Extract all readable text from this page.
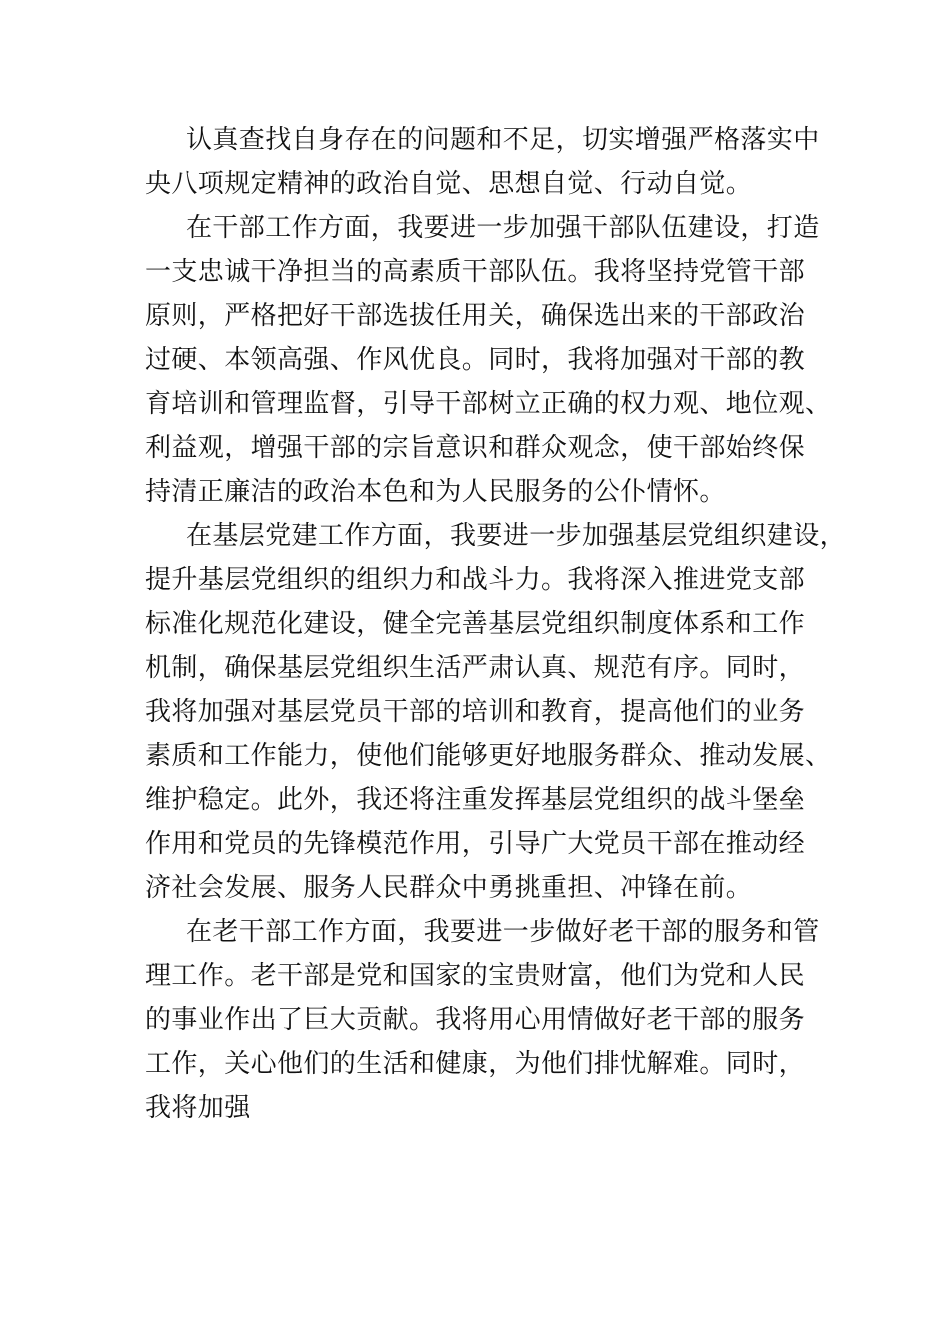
认真查找自身存在的问题和不足，切实增强严格落实中
央八项规定精神的政治自觉、思想自觉、行动自觉。
在干部工作方面，我要进一步加强干部队伍建设，打造
一支忠诚干净担当的高素质干部队伍。我将坚持党管干部
原则，严格把好干部选拔任用关，确保选出来的干部政治
过硬、本领高强、作风优良。同时，我将加强对干部的教
育培训和管理监督，引导干部树立正确的权力观、地位观、
利益观，增强干部的宗旨意识和群众观念，使干部始终保
持清正廉洁的政治本色和为人民服务的公仆情怀。
在基层党建工作方面，我要进一步加强基层党组织建设，
提升基层党组织的组织力和战斗力。我将深入推进党支部
标准化规范化建设，健全完善基层党组织制度体系和工作
机制，确保基层党组织生活严肃认真、规范有序。同时，
我将加强对基层党员干部的培训和教育，提高他们的业务
素质和工作能力，使他们能够更好地服务群众、推动发展、
维护稳定。此外，我还将注重发挥基层党组织的战斗堡垒
作用和党员的先锋模范作用，引导广大党员干部在推动经
济社会发展、服务人民群众中勇挑重担、冲锋在前。
在老干部工作方面，我要进一步做好老干部的服务和管
理工作。老干部是党和国家的宝贵财富，他们为党和人民
的事业作出了巨大贡献。我将用心用情做好老干部的服务
工作，关心他们的生活和健康，为他们排忧解难。同时，
我将加强
